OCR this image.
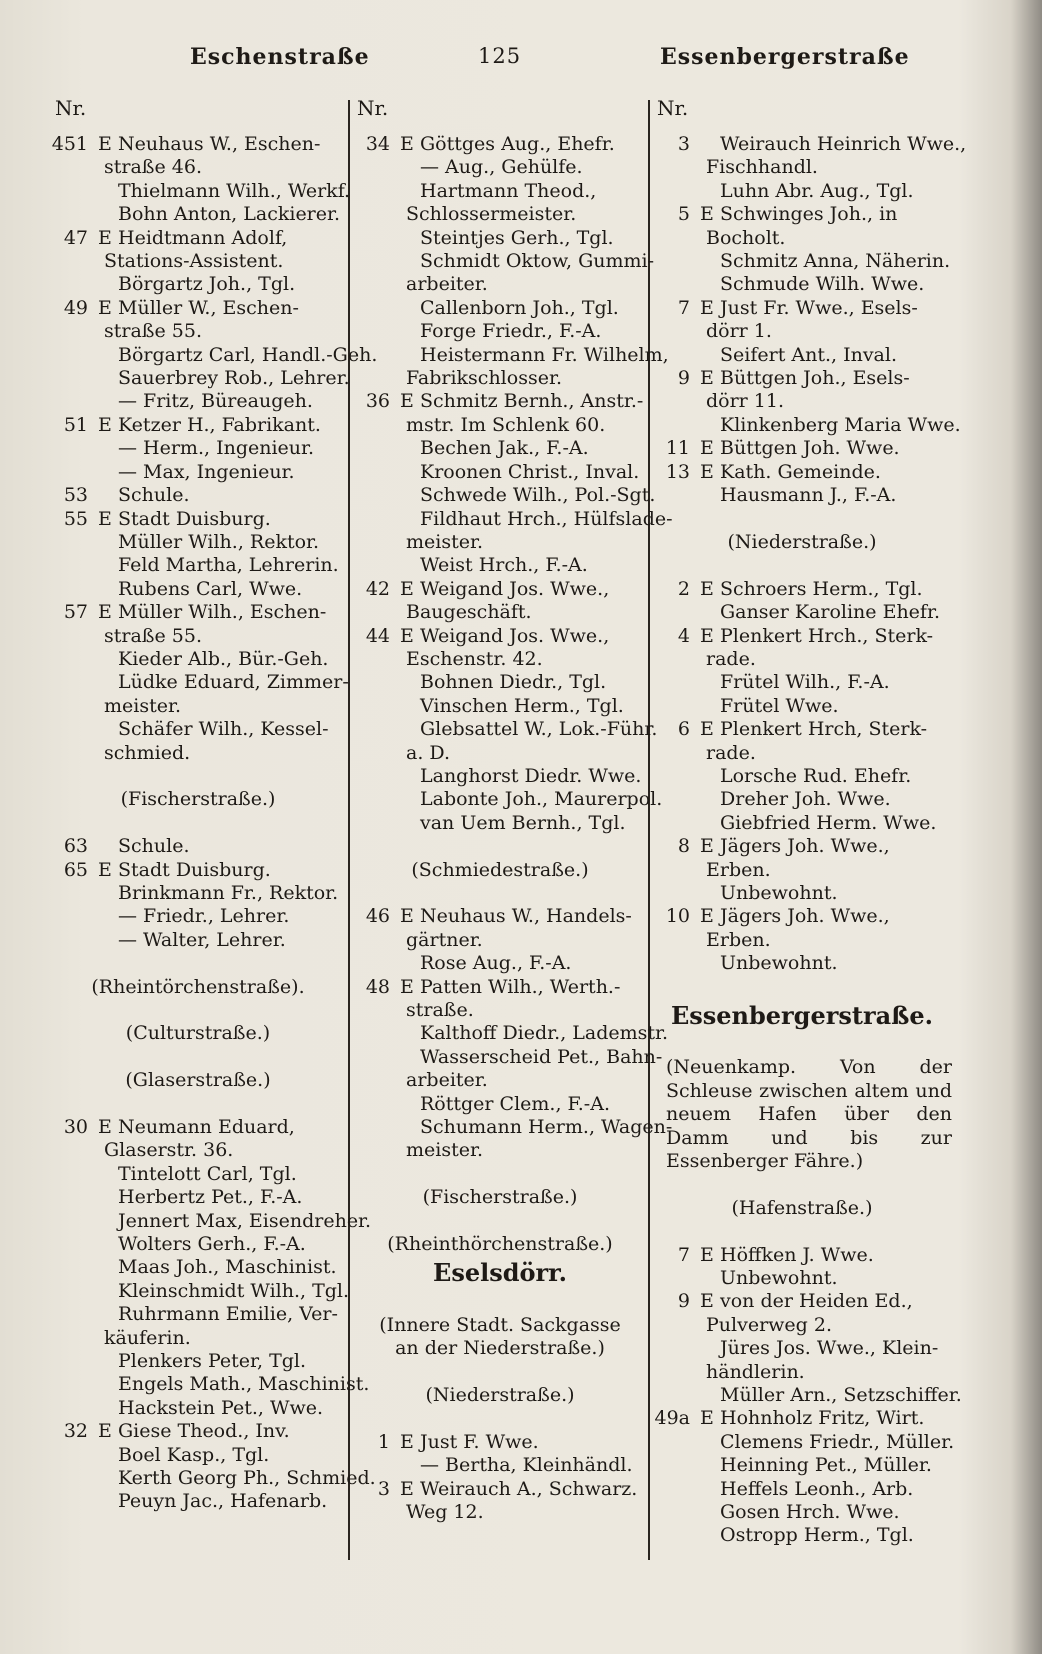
Eschenstraße	125	Essenbergerstraße
Nr.	Nr.	Nr.
451 E Neuhaus W., Eschen-
straße 46.
Thielmann Wilh., Werkf.
Bohn Anton, Lackierer.
47 E Heidtmann Adolf,
Stations-Assistent.
Börgartz Joh., Tgl.
49 E Müller W., Eschen-
straße 55.
Börgartz Carl, Handl.-Geh.
Sauerbrey Rob., Lehrer.
— Fritz, Büreaugeh.
51 E Ketzer H., Fabrikant.
— Herm., Ingenieur.
— Max, Ingenieur.
53 Schule.
55 E Stadt Duisburg.
Müller Wilh., Rektor.
Feld Martha, Lehrerin.
Rubens Carl, Wwe.
57 E Müller Wilh., Eschen-
straße 55.
Kieder Alb., Bür.-Geh.
Lüdke Eduard, Zimmer-
meister.
Schäfer Wilh., Kessel-
schmied.
(Fischerstraße.)
63 Schule.
65 E Stadt Duisburg.
Brinkmann Fr., Rektor.
— Friedr., Lehrer.
— Walter, Lehrer.
(Rheintörchenstraße).
(Culturstraße.)
(Glaserstraße.)
30 E Neumann Eduard,
Glaserstr. 36.
Tintelott Carl, Tgl.
Herbertz Pet., F.-A.
Jennert Max, Eisendreher.
Wolters Gerh., F.-A.
Maas Joh., Maschinist.
Kleinschmidt Wilh., Tgl.
Ruhrmann Emilie, Ver-
käuferin.
Plenkers Peter, Tgl.
Engels Math., Maschinist.
Hackstein Pet., Wwe.
32 E Giese Theod., Inv.
Boel Kasp., Tgl.
Kerth Georg Ph., Schmied.
Peuyn Jac., Hafenarb.
34 E Göttges Aug., Ehefr.
— Aug., Gehülfe.
Hartmann Theod.,
Schlossermeister.
Steintjes Gerh., Tgl.
Schmidt Oktow, Gummi-
arbeiter.
Callenborn Joh., Tgl.
Forge Friedr., F.-A.
Heistermann Fr. Wilhelm,
Fabrikschlosser.
36 E Schmitz Bernh., Anstr.-
mstr. Im Schlenk 60.
Bechen Jak., F.-A.
Kroonen Christ., Inval.
Schwede Wilh., Pol.-Sgt.
Fildhaut Hrch., Hülfslade-
meister.
Weist Hrch., F.-A.
42 E Weigand Jos. Wwe.,
Baugeschäft.
44 E Weigand Jos. Wwe.,
Eschenstr. 42.
Bohnen Diedr., Tgl.
Vinschen Herm., Tgl.
Glebsattel W., Lok.-Führ.
a. D.
Langhorst Diedr. Wwe.
Labonte Joh., Maurerpol.
van Uem Bernh., Tgl.
(Schmiedestraße.)
46 E Neuhaus W., Handels-
gärtner.
Rose Aug., F.-A.
48 E Patten Wilh., Werth.-
straße.
Kalthoff Diedr., Lademstr.
Wasserscheid Pet., Bahn-
arbeiter.
Röttger Clem., F.-A.
Schumann Herm., Wagen-
meister.
(Fischerstraße.)
(Rheinthörchenstraße.)
Eselsdörr.
(Innere Stadt. Sackgasse
an der Niederstraße.)
(Niederstraße.)
1 E Just F. Wwe.
— Bertha, Kleinhändl.
3 E Weirauch A., Schwarz.
Weg 12.
3 Weirauch Heinrich Wwe.,
Fischhandl.
Luhn Abr. Aug., Tgl.
5 E Schwinges Joh., in
Bocholt.
Schmitz Anna, Näherin.
Schmude Wilh. Wwe.
7 E Just Fr. Wwe., Esels-
dörr 1.
Seifert Ant., Inval.
9 E Büttgen Joh., Esels-
dörr 11.
Klinkenberg Maria Wwe.
11 E Büttgen Joh. Wwe.
13 E Kath. Gemeinde.
Hausmann J., F.-A.
(Niederstraße.)
2 E Schroers Herm., Tgl.
Ganser Karoline Ehefr.
4 E Plenkert Hrch., Sterk-
rade.
Frütel Wilh., F.-A.
Frütel Wwe.
6 E Plenkert Hrch, Sterk-
rade.
Lorsche Rud. Ehefr.
Dreher Joh. Wwe.
Giebfried Herm. Wwe.
8 E Jägers Joh. Wwe.,
Erben.
Unbewohnt.
10 E Jägers Joh. Wwe.,
Erben.
Unbewohnt.
Essenbergerstraße.
(Neuenkamp. Von der Schleuse zwischen altem und neuem Hafen über den Damm und bis zur Essenberger Fähre.)
(Hafenstraße.)
7 E Höffken J. Wwe.
Unbewohnt.
9 E von der Heiden Ed.,
Pulverweg 2.
Jüres Jos. Wwe., Klein-
händlerin.
Müller Arn., Setzschiffer.
49a E Hohnholz Fritz, Wirt.
Clemens Friedr., Müller.
Heinning Pet., Müller.
Heffels Leonh., Arb.
Gosen Hrch. Wwe.
Ostropp Herm., Tgl.
